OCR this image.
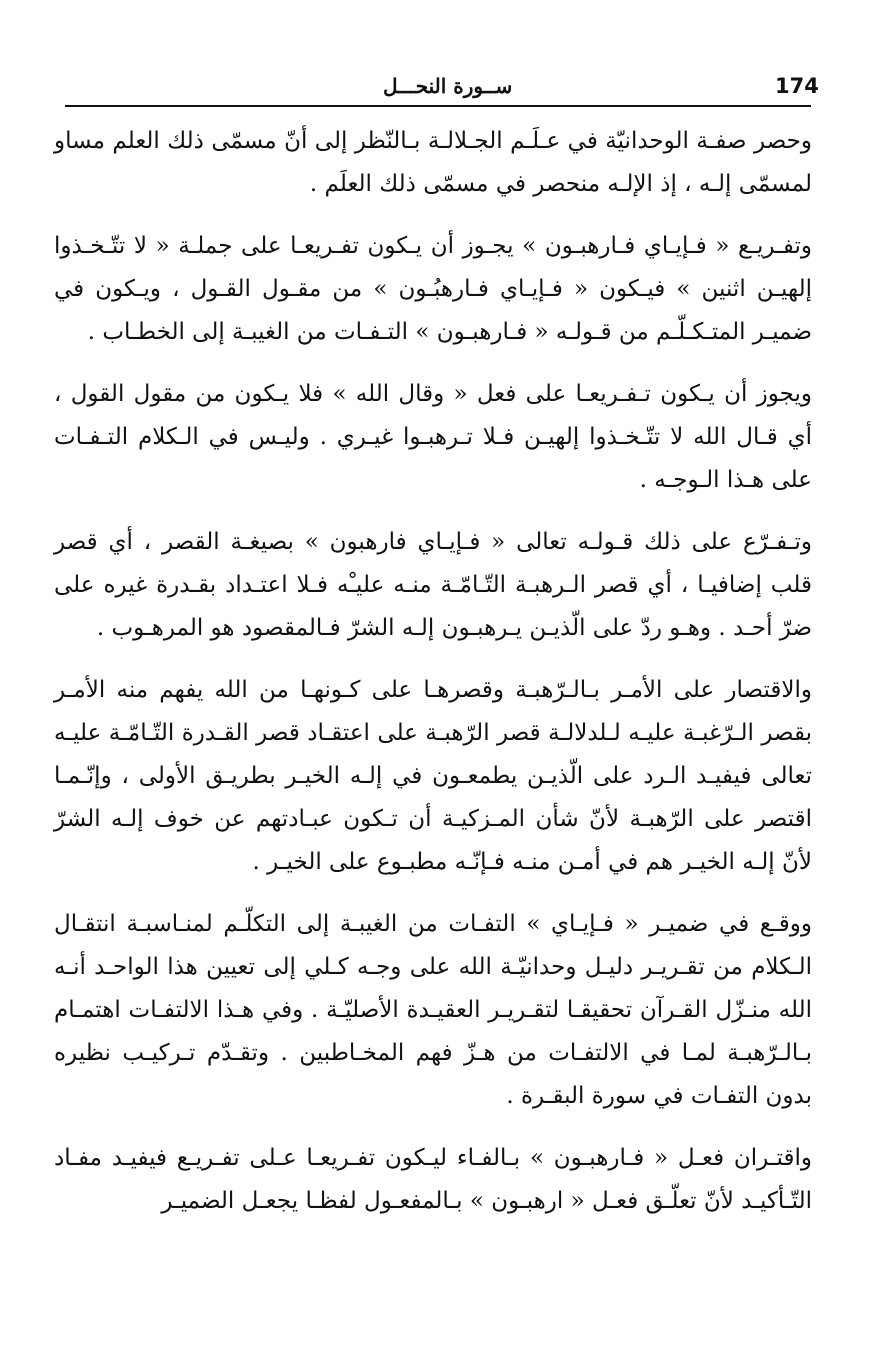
174
ســورة النحـــل

وحصر صفـة الوحدانيّة في عـلَـم الجـلالـة بـالنّظر إلى أنّ مسمّى ذلك العلم مساو لمسمّى إلـه ، إذ الإلـه منحصر في مسمّى ذلك العلَم .

وتفـريـع « فـإيـاي فـارهبـون » يجـوز أن يـكون تفـريعـا على جملـة « لا تتّـخـذوا إلهيـن اثنين » فيـكون « فـإيـاي فـارهبُـون » من مقـول القـول ، ويـكون في ضميـر المتـكـلّـم من قـولـه « فـارهبـون » التـفـات من الغيبـة إلى الخطـاب .

ويجوز أن يـكون تـفـريعـا على فعل « وقال الله » فلا يـكون من مقول القول ، أي قـال الله لا تتّـخـذوا إلهيـن فـلا تـرهبـوا غيـري . وليـس في الـكلام التـفـات على هـذا الـوجـه .

وتـفـرّع على ذلك قـولـه تعالى « فـإيـاي فارهبون » بصيغـة القصر ، أي قصر قلب إضافيـا ، أي قصر الـرهبـة التّـامّـة منـه عليـْه فـلا اعتـداد بقـدرة غيره على ضرّ أحـد . وهـو ردّ على الّذيـن يـرهبـون إلـه الشرّ فـالمقصود هو المرهـوب .

والاقتصار على الأمـر بـالـرّهبـة وقصرهـا على كـونهـا من الله يفهم منه الأمـر بقصر الـرّغبـة عليـه لـلدلالـة قصر الرّهبـة على اعتقـاد قصر القـدرة التّـامّـة عليـه تعالى فيفيـد الـرد على الّذيـن يطمعـون في إلـه الخيـر بطريـق الأولى ، وإنّـمـا اقتصر على الرّهبـة لأنّ شأن المـزكيـة أن تـكون عبـادتهم عن خوف إلـه الشرّ لأنّ إلـه الخيـر هم في أمـن منـه فـإنّـه مطبـوع على الخيـر .

ووقـع في ضميـر « فـإيـاي » التفـات من الغيبـة إلى التكلّـم لمنـاسبـة انتقـال الـكلام من تقـريـر دليـل وحدانيّـة الله على وجـه كـلي إلى تعيين هذا الواحـد أنـه الله منـزّل القـرآن تحقيقـا لتقـريـر العقيـدة الأصليّـة . وفي هـذا الالتفـات اهتمـام بـالـرّهبـة لمـا في الالتفـات من هـزّ فهم المخـاطبين . وتقـدّم تـركيـب نظيره بدون التفـات في سورة البقـرة .

واقتـران فعـل « فـارهبـون » بـالفـاء ليـكون تفـريعـا عـلى تفـريـع فيفيـد مفـاد التّـأكيـد لأنّ تعلّـق فعـل « ارهبـون » بـالمفعـول لفظـا يجعـل الضميـر
